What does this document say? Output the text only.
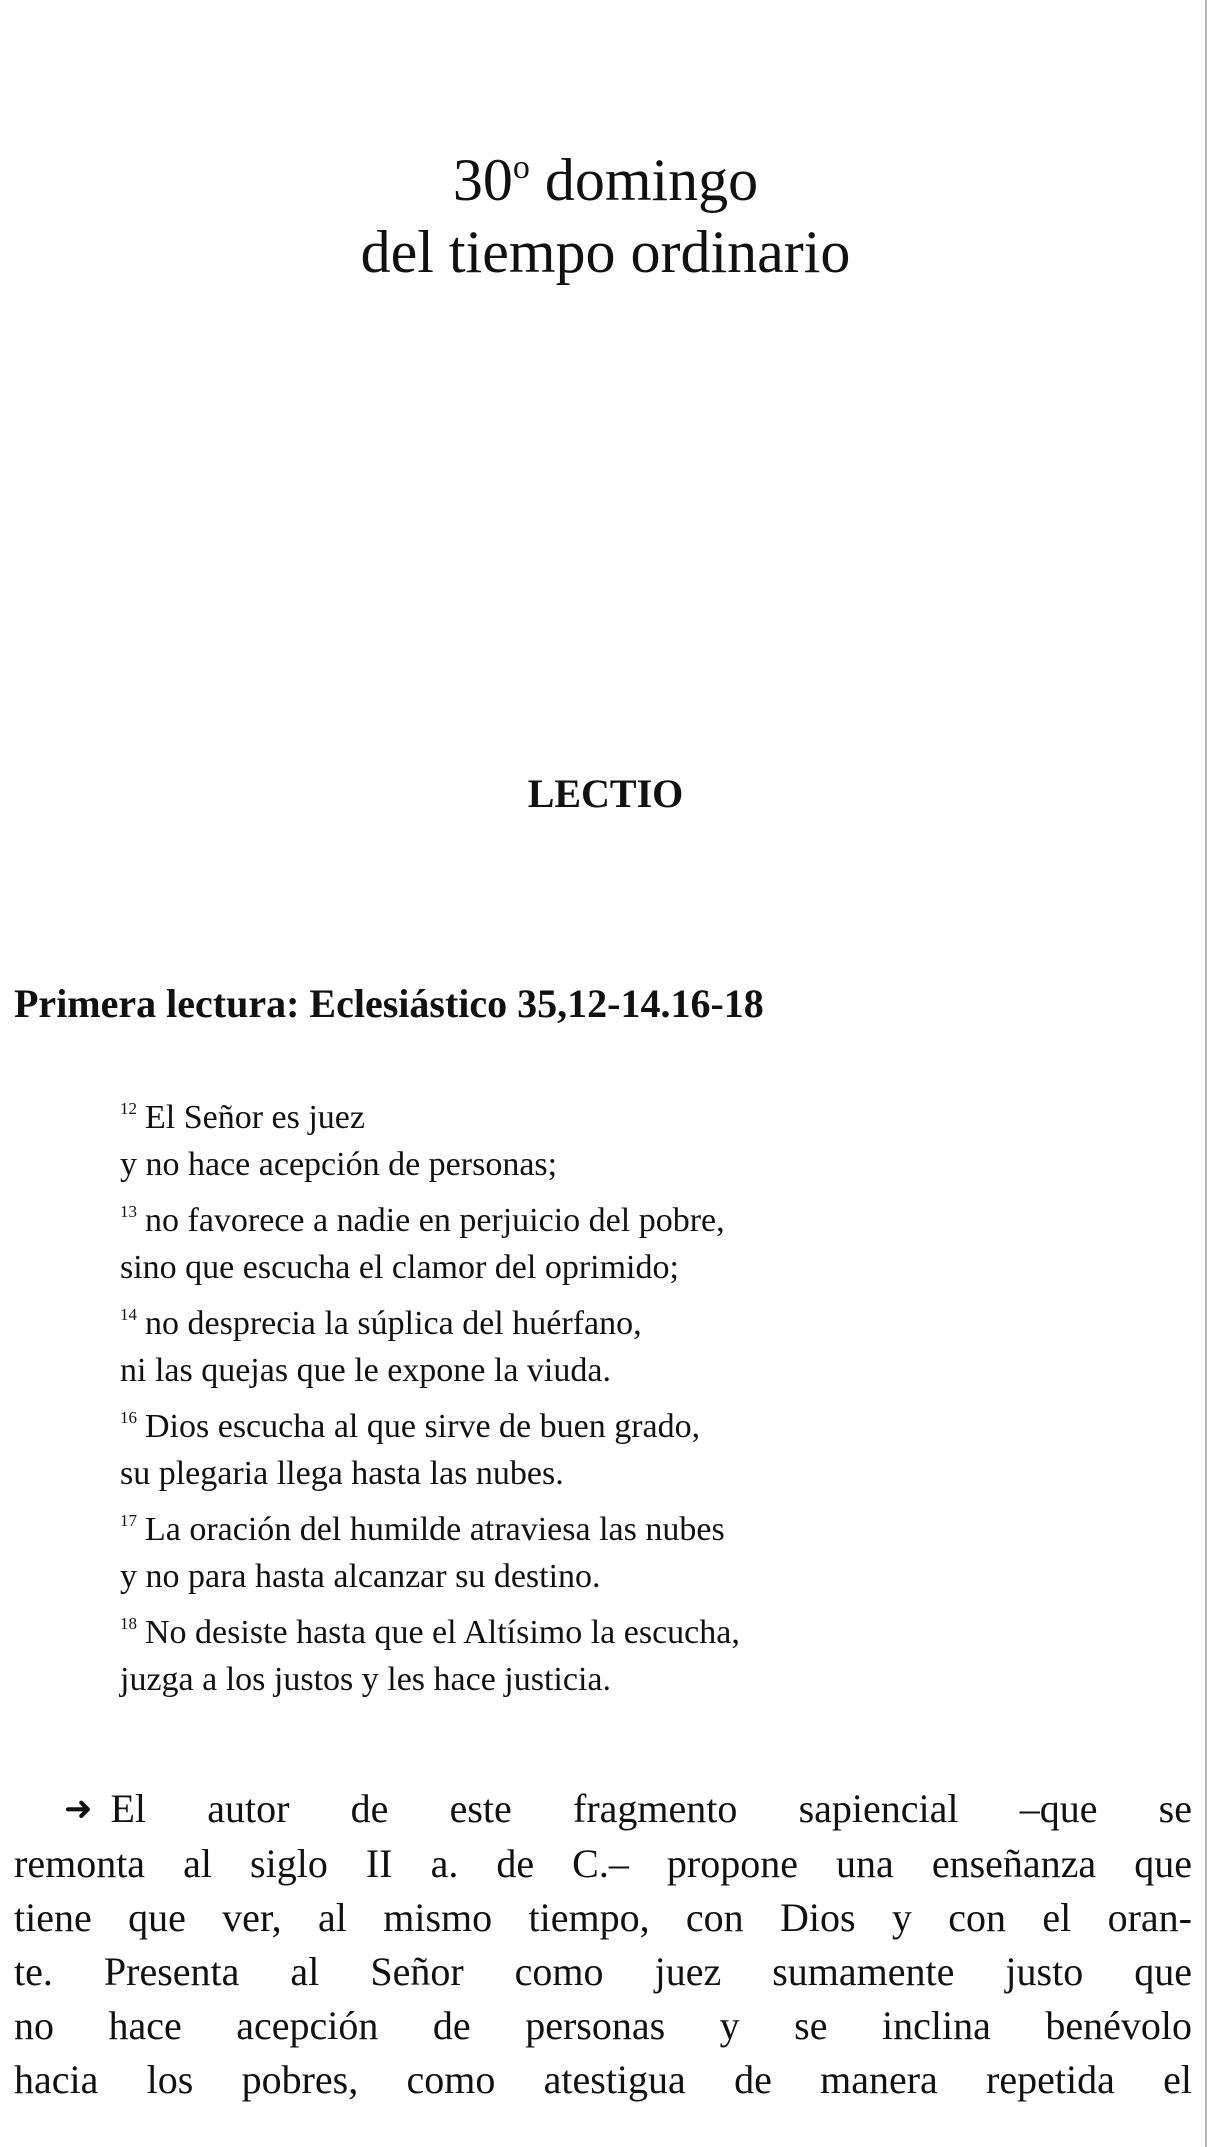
30$^o$ domingo
del tiempo ordinario
LECTIO
Primera lectura: Eclesiástico 35,12-14.16-18
$^{12}$ El Señor es juez
y no hace acepción de personas;
$^{13}$ no favorece a nadie en perjuicio del pobre,
sino que escucha el clamor del oprimido;
$^{14}$ no desprecia la súplica del huérfano,
ni las quejas que le expone la viuda.
$^{16}$ Dios escucha al que sirve de buen grado,
su plegaria llega hasta las nubes.
$^{17}$ La oración del humilde atraviesa las nubes
y no para hasta alcanzar su destino.
$^{18}$ No desiste hasta que el Altísimo la escucha,
juzga a los justos y les hace justicia.
➜ El autor de este fragmento sapiencial –que se
remonta al siglo II a. de C.– propone una enseñanza que
tiene que ver, al mismo tiempo, con Dios y con el oran-
te. Presenta al Señor como juez sumamente justo que
no hace acepción de personas y se inclina benévolo
hacia los pobres, como atestigua de manera repetida el
